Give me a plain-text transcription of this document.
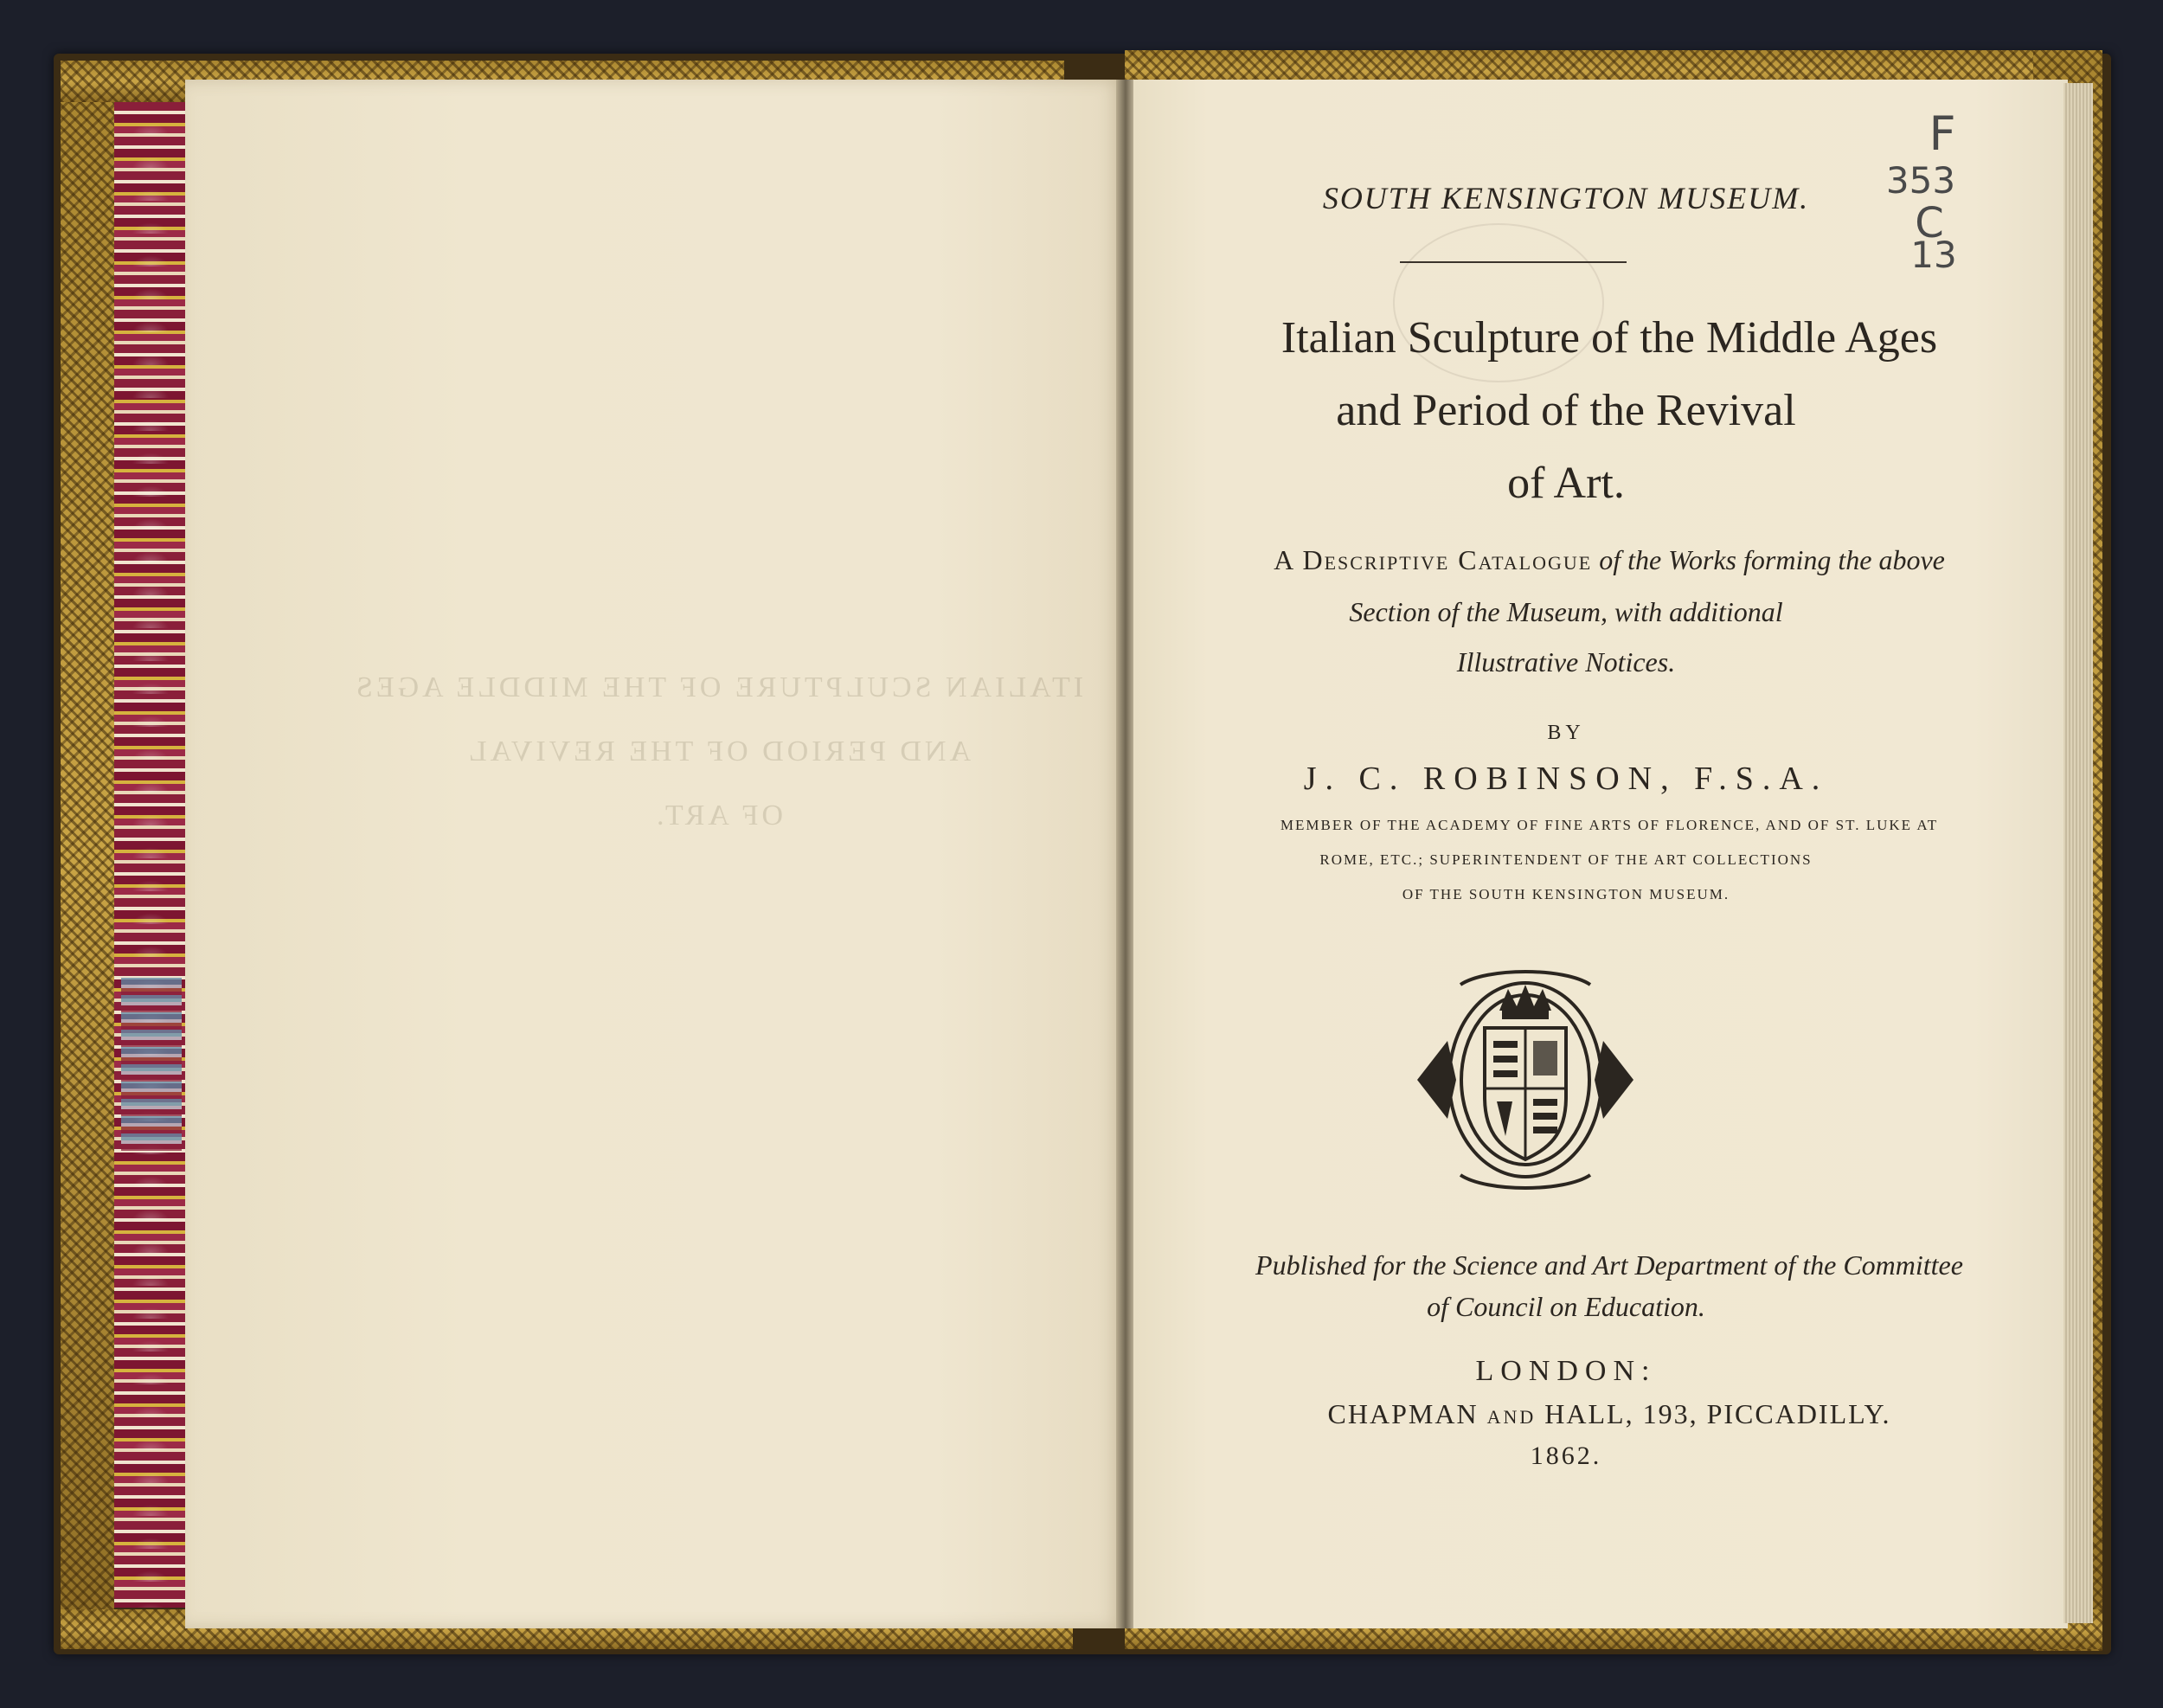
ITALIAN SCULPTURE OF THE MIDDLE AGES
AND PERIOD OF THE REVIVAL
OF ART.
SOUTH KENSINGTON MUSEUM.
Italian Sculpture of the Middle Ages
and Period of the Revival
of Art.
A Descriptive Catalogue of the Works forming the above
Section of the Museum, with additional
Illustrative Notices.
BY
J. C. ROBINSON, F.S.A.
MEMBER OF THE ACADEMY OF FINE ARTS OF FLORENCE, AND OF ST. LUKE AT
ROME, ETC.; SUPERINTENDENT OF THE ART COLLECTIONS
OF THE SOUTH KENSINGTON MUSEUM.
Published for the Science and Art Department of the Committee
of Council on Education.
LONDON:
CHAPMAN AND HALL, 193, PICCADILLY.
1862.
F
353
C
13
